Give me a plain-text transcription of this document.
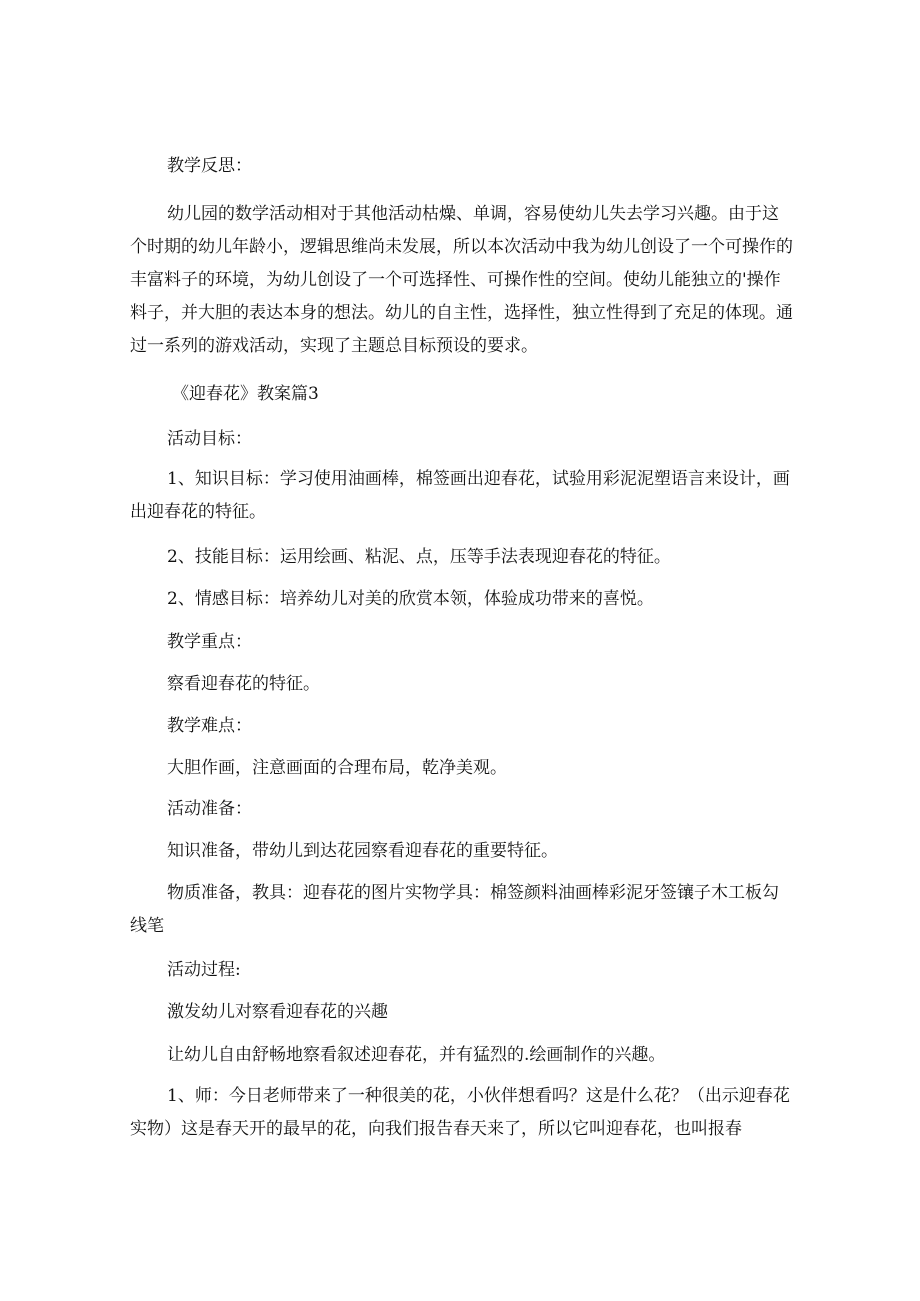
教学反思：

幼儿园的数学活动相对于其他活动枯燥、单调，容易使幼儿失去学习兴趣。由于这个时期的幼儿年龄小，逻辑思维尚未发展，所以本次活动中我为幼儿创设了一个可操作的丰富料子的环境，为幼儿创设了一个可选择性、可操作性的空间。使幼儿能独立的'操作料子，并大胆的表达本身的想法。幼儿的自主性，选择性，独立性得到了充足的体现。通过一系列的游戏活动，实现了主题总目标预设的要求。

《迎春花》教案篇3

活动目标：

1、知识目标：学习使用油画棒，棉签画出迎春花，试验用彩泥泥塑语言来设计，画出迎春花的特征。

2、技能目标：运用绘画、粘泥、点，压等手法表现迎春花的特征。

2、情感目标：培养幼儿对美的欣赏本领，体验成功带来的喜悦。

教学重点：

察看迎春花的特征。

教学难点：

大胆作画，注意画面的合理布局，乾净美观。

活动准备：

知识准备，带幼儿到达花园察看迎春花的重要特征。

物质准备，教具：迎春花的图片实物学具：棉签颜料油画棒彩泥牙签镶子木工板勾线笔

活动过程:

激发幼儿对察看迎春花的兴趣

让幼儿自由舒畅地察看叙述迎春花，并有猛烈的.绘画制作的兴趣。

1、师：今日老师带来了一种很美的花，小伙伴想看吗？这是什么花？（出示迎春花实物）这是春天开的最早的花，向我们报告春天来了，所以它叫迎春花，也叫报春
